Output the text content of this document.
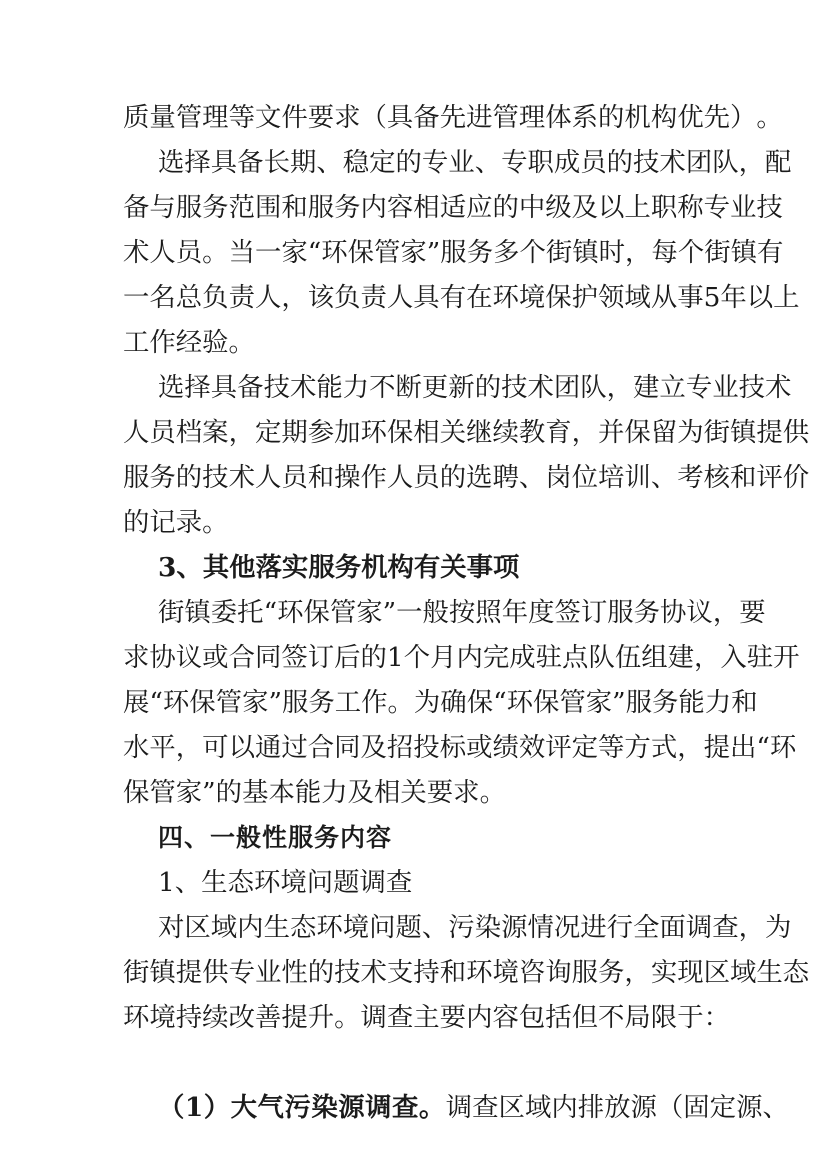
质 量 管 理 等 文 件 要 求 （ 具 备 先 进 管 理 体 系 的 机 构 优 先 ） 。
选 择 具 备 长 期 、 稳 定 的 专 业 、 专 职 成 员 的 技 术 团 队 ， 配
备 与 服 务 范 围 和 服 务 内 容 相 适 应 的 中 级 及 以 上 职 称 专 业 技
术 人 员 。 当 一 家 “ 环 保 管 家 ” 服 务 多 个 街 镇 时 ， 每 个 街 镇 有
一 名 总 负 责 人 ， 该 负 责 人 具 有 在 环 境 保 护 领 域 从 事 5 年 以 上
工作经验。
选 择 具 备 技 术 能 力 不 断 更 新 的 技 术 团 队 ， 建 立 专 业 技 术
人 员 档 案 ， 定 期 参 加 环 保 相 关 继 续 教 育 ， 并 保 留 为 街 镇 提 供
服 务 的 技 术 人 员 和 操 作 人 员 的 选 聘 、 岗 位 培 训 、 考 核 和 评 价
的记录。
3、其他落实服务机构有关事项
街 镇 委 托 “ 环 保 管 家 ” 一 般 按 照 年 度 签 订 服 务 协 议 ， 要
求 协 议 或 合 同 签 订 后 的 1 个 月 内 完 成 驻 点 队 伍 组 建 ， 入 驻 开
展 “ 环 保 管 家 ” 服 务 工 作 。 为 确 保 “ 环 保 管 家 ” 服 务 能 力 和
水 平 ， 可 以 通 过 合 同 及 招 投 标 或 绩 效 评 定 等 方 式 ， 提 出 “ 环
保管家”的基本能力及相关要求。
四、一般性服务内容
1、生态环境问题调查
对 区 域 内 生 态 环 境 问 题 、 污 染 源 情 况 进 行 全 面 调 查 ， 为
街 镇 提 供 专 业 性 的 技 术 支 持 和 环 境 咨 询 服 务 ， 实 现 区 域 生 态
环境持续改善提升。调查主要内容包括但不局限于：
（1）大气污染源调查。调查区域内排放源（固定源、
